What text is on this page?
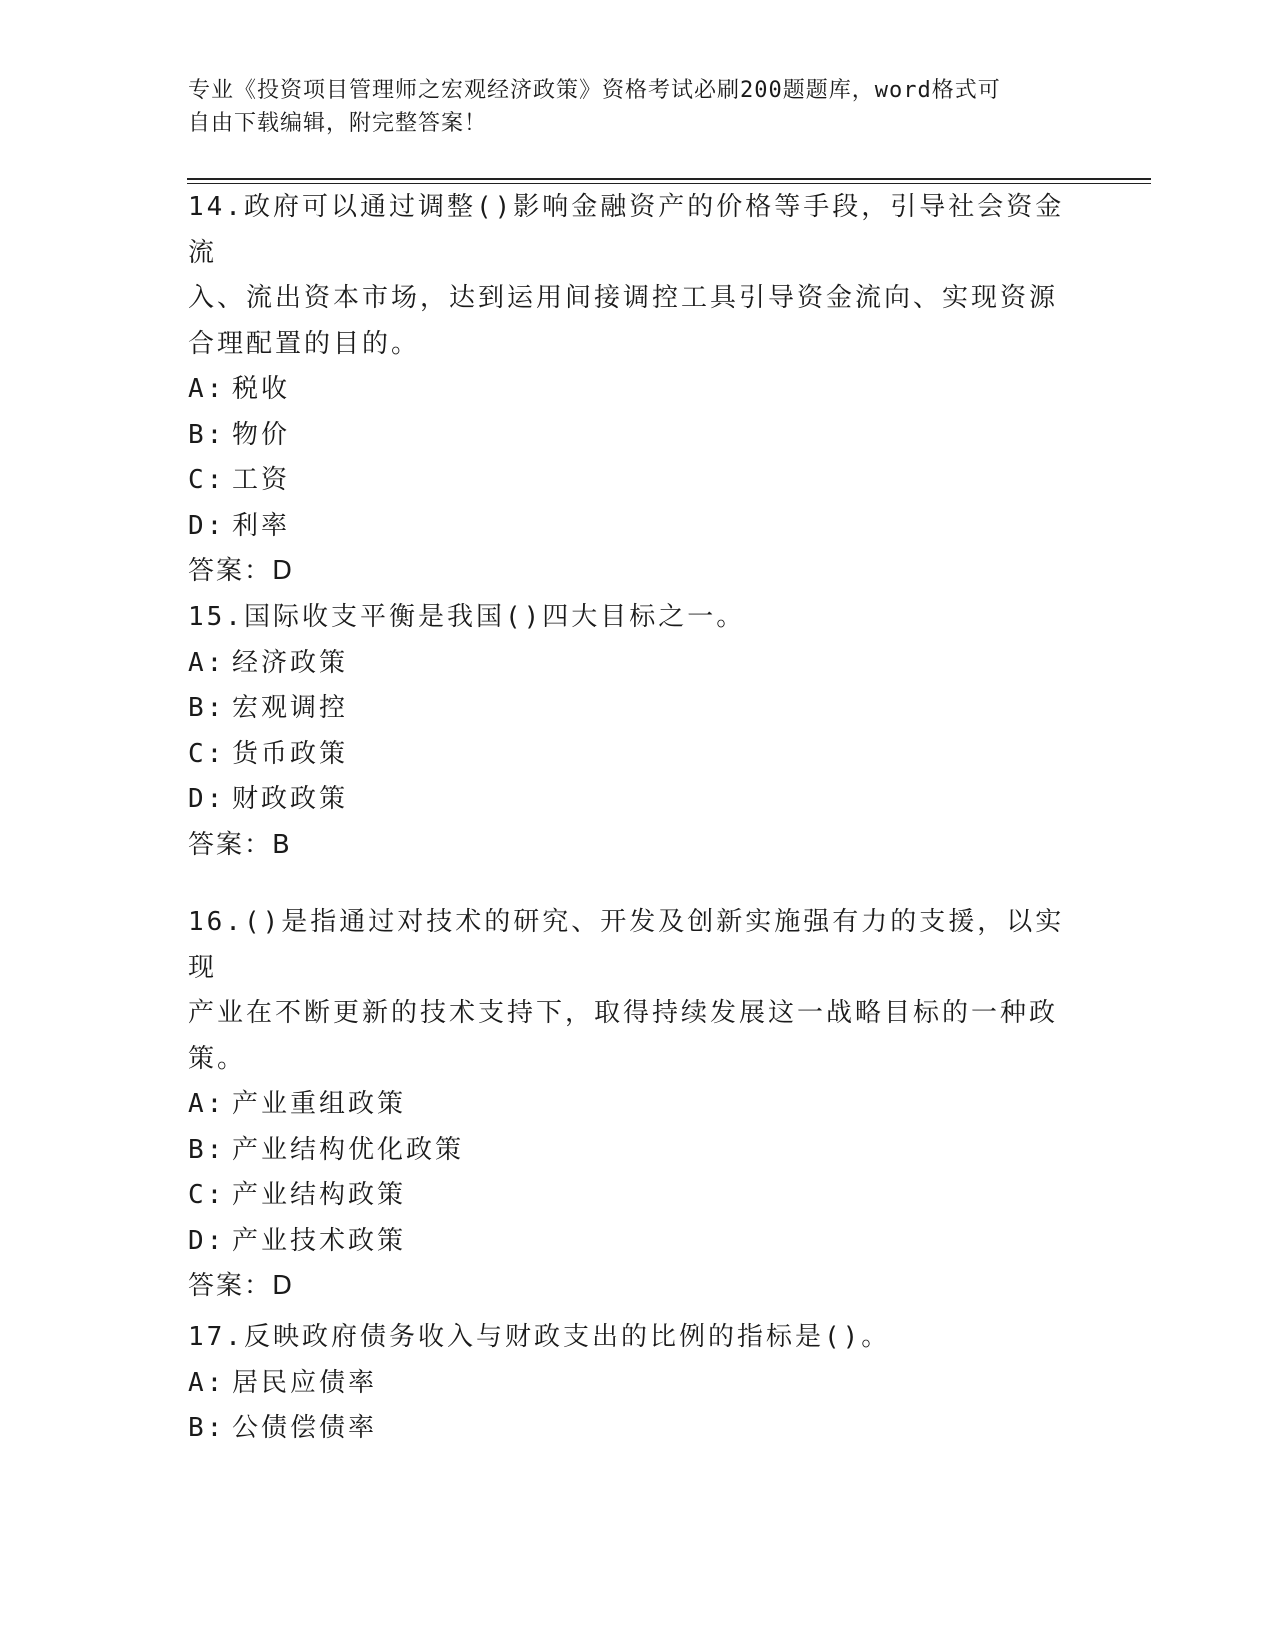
专业《投资项目管理师之宏观经济政策》资格考试必刷200题题库，word格式可
自由下载编辑，附完整答案！

14.政府可以通过调整()影响金融资产的价格等手段，引导社会资金流

入、流出资本市场，达到运用间接调控工具引导资金流向、实现资源

合理配置的目的。

A: 税收

B: 物价

C: 工资

D: 利率

答案：D

15.国际收支平衡是我国()四大目标之一。

A: 经济政策

B: 宏观调控

C: 货币政策

D: 财政政策

答案：B

16.()是指通过对技术的研究、开发及创新实施强有力的支援，以实现

产业在不断更新的技术支持下，取得持续发展这一战略目标的一种政

策。

A: 产业重组政策

B: 产业结构优化政策

C: 产业结构政策

D: 产业技术政策

答案：D

17.反映政府债务收入与财政支出的比例的指标是()。

A: 居民应债率

B: 公债偿债率
